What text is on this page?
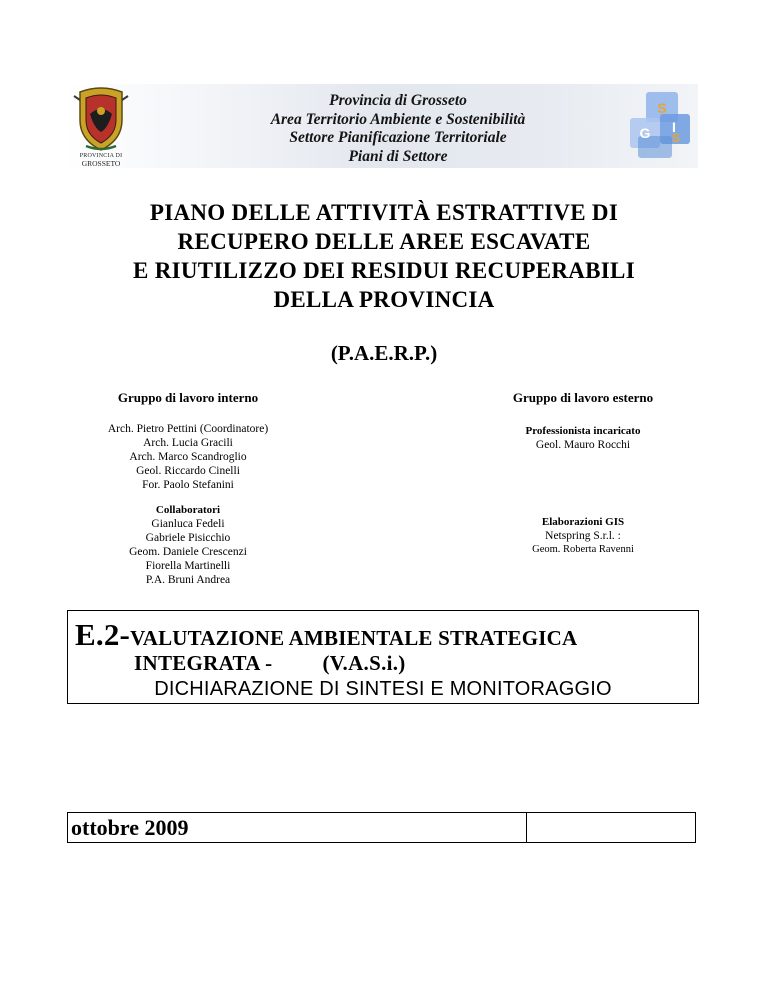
PROVINCIA DI
GROSSETO
Provincia di Grosseto
Area Territorio Ambiente e Sostenibilità
Settore Pianificazione Territoriale
Piani di Settore
S
I
G S
PIANO DELLE ATTIVITÀ ESTRATTIVE DI
RECUPERO DELLE AREE ESCAVATE
E RIUTILIZZO DEI RESIDUI RECUPERABILI
DELLA PROVINCIA
(P.A.E.R.P.)
Gruppo di lavoro interno
Arch. Pietro Pettini (Coordinatore)
Arch. Lucia Gracili
Arch. Marco Scandroglio
Geol. Riccardo Cinelli
For. Paolo Stefanini
Collaboratori
Gianluca Fedeli
Gabriele Pisicchio
Geom. Daniele Crescenzi
Fiorella Martinelli
P.A. Bruni Andrea
Gruppo di lavoro esterno
Professionista incaricato
Geol. Mauro Rocchi
Elaborazioni GIS
Netspring S.r.l. :
Geom. Roberta Ravenni
E.2-VALUTAZIONE AMBIENTALE STRATEGICA
INTEGRATA - (V.A.S.i.)
DICHIARAZIONE DI SINTESI E MONITORAGGIO
ottobre 2009
